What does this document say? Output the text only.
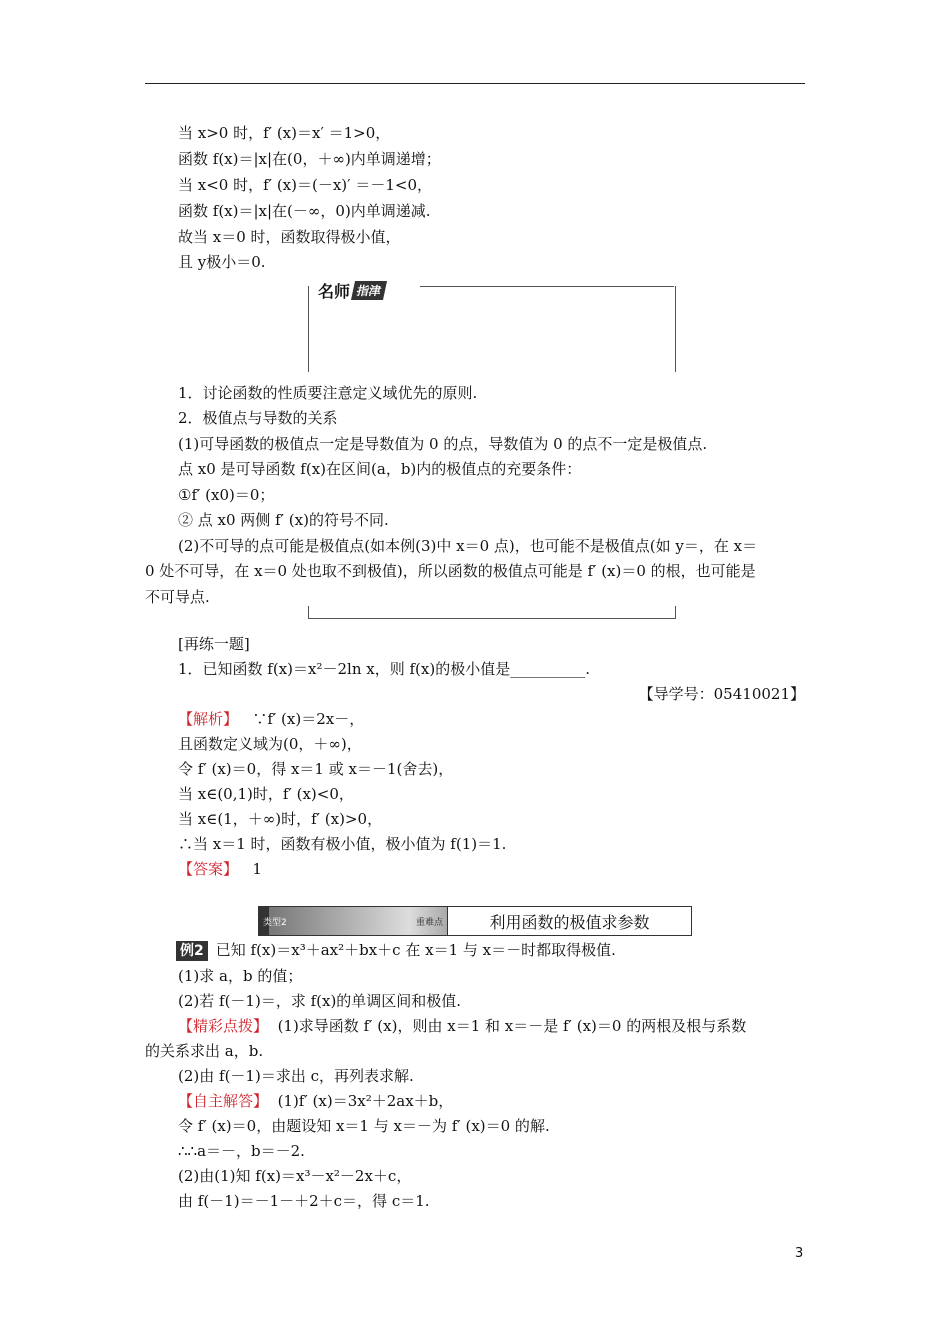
当 x>0 时，f′ (x)＝x′ ＝1>0，
函数 f(x)＝|x|在(0，＋∞)内单调递增；
当 x<0 时，f′ (x)＝(－x)′ ＝－1<0，
函数 f(x)＝|x|在(－∞，0)内单调递减.
故当 x＝0 时，函数取得极小值，
且 y极小＝0.
名师 指津
1．讨论函数的性质要注意定义域优先的原则.
2．极值点与导数的关系
(1)可导函数的极值点一定是导数值为 0 的点，导数值为 0 的点不一定是极值点.
点 x0 是可导函数 f(x)在区间(a，b)内的极值点的充要条件：
①f′ (x0)＝0；
② 点 x0 两侧 f′ (x)的符号不同.
(2)不可导的点可能是极值点(如本例(3)中 x＝0 点)，也可能不是极值点(如 y＝，在 x＝
0 处不可导，在 x＝0 处也取不到极值)，所以函数的极值点可能是 f′ (x)＝0 的根，也可能是
不可导点.
[再练一题]
1．已知函数 f(x)＝x²－2ln x，则 f(x)的极小值是__________.
【导学号：05410021】
【解析】 ∵f′ (x)＝2x－，
且函数定义域为(0，＋∞)，
令 f′ (x)＝0，得 x＝1 或 x＝－1(舍去)，
当 x∈(0,1)时，f′ (x)<0，
当 x∈(1，＋∞)时，f′ (x)>0，
∴当 x＝1 时，函数有极小值，极小值为 f(1)＝1.
【答案】 1
类型2	重难点	利用函数的极值求参数
例2 已知 f(x)＝x³＋ax²＋bx＋c 在 x＝1 与 x＝－时都取得极值.
(1)求 a，b 的值；
(2)若 f(－1)＝，求 f(x)的单调区间和极值.
【精彩点拨】 (1)求导函数 f′ (x)，则由 x＝1 和 x＝－是 f′ (x)＝0 的两根及根与系数
的关系求出 a，b.
(2)由 f(－1)＝求出 c，再列表求解.
【自主解答】 (1)f′ (x)＝3x²＋2ax＋b，
令 f′ (x)＝0，由题设知 x＝1 与 x＝－为 f′ (x)＝0 的解.
∴∴a＝－，b＝－2.
(2)由(1)知 f(x)＝x³－x²－2x＋c，
由 f(－1)＝－1－＋2＋c＝，得 c＝1.
3
